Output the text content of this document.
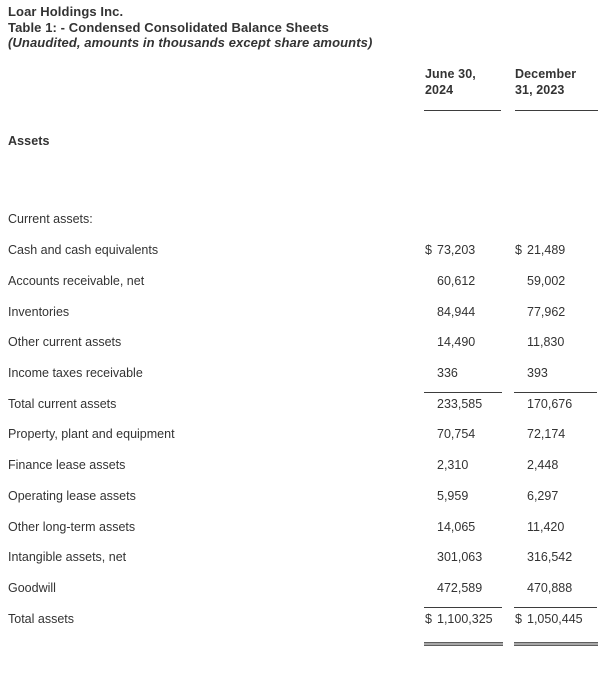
Loar Holdings Inc.
Table 1: - Condensed Consolidated Balance Sheets
(Unaudited, amounts in thousands except share amounts)
June 30,
2024
December
31, 2023
Assets
Current assets:
Cash and cash equivalents	$ 73,203	$ 21,489
Accounts receivable, net	60,612	59,002
Inventories	84,944	77,962
Other current assets	14,490	11,830
Income taxes receivable	336	393
Total current assets	233,585	170,676
Property, plant and equipment	70,754	72,174
Finance lease assets	2,310	2,448
Operating lease assets	5,959	6,297
Other long-term assets	14,065	11,420
Intangible assets, net	301,063	316,542
Goodwill	472,589	470,888
Total assets	$ 1,100,325 $ 1,050,445
